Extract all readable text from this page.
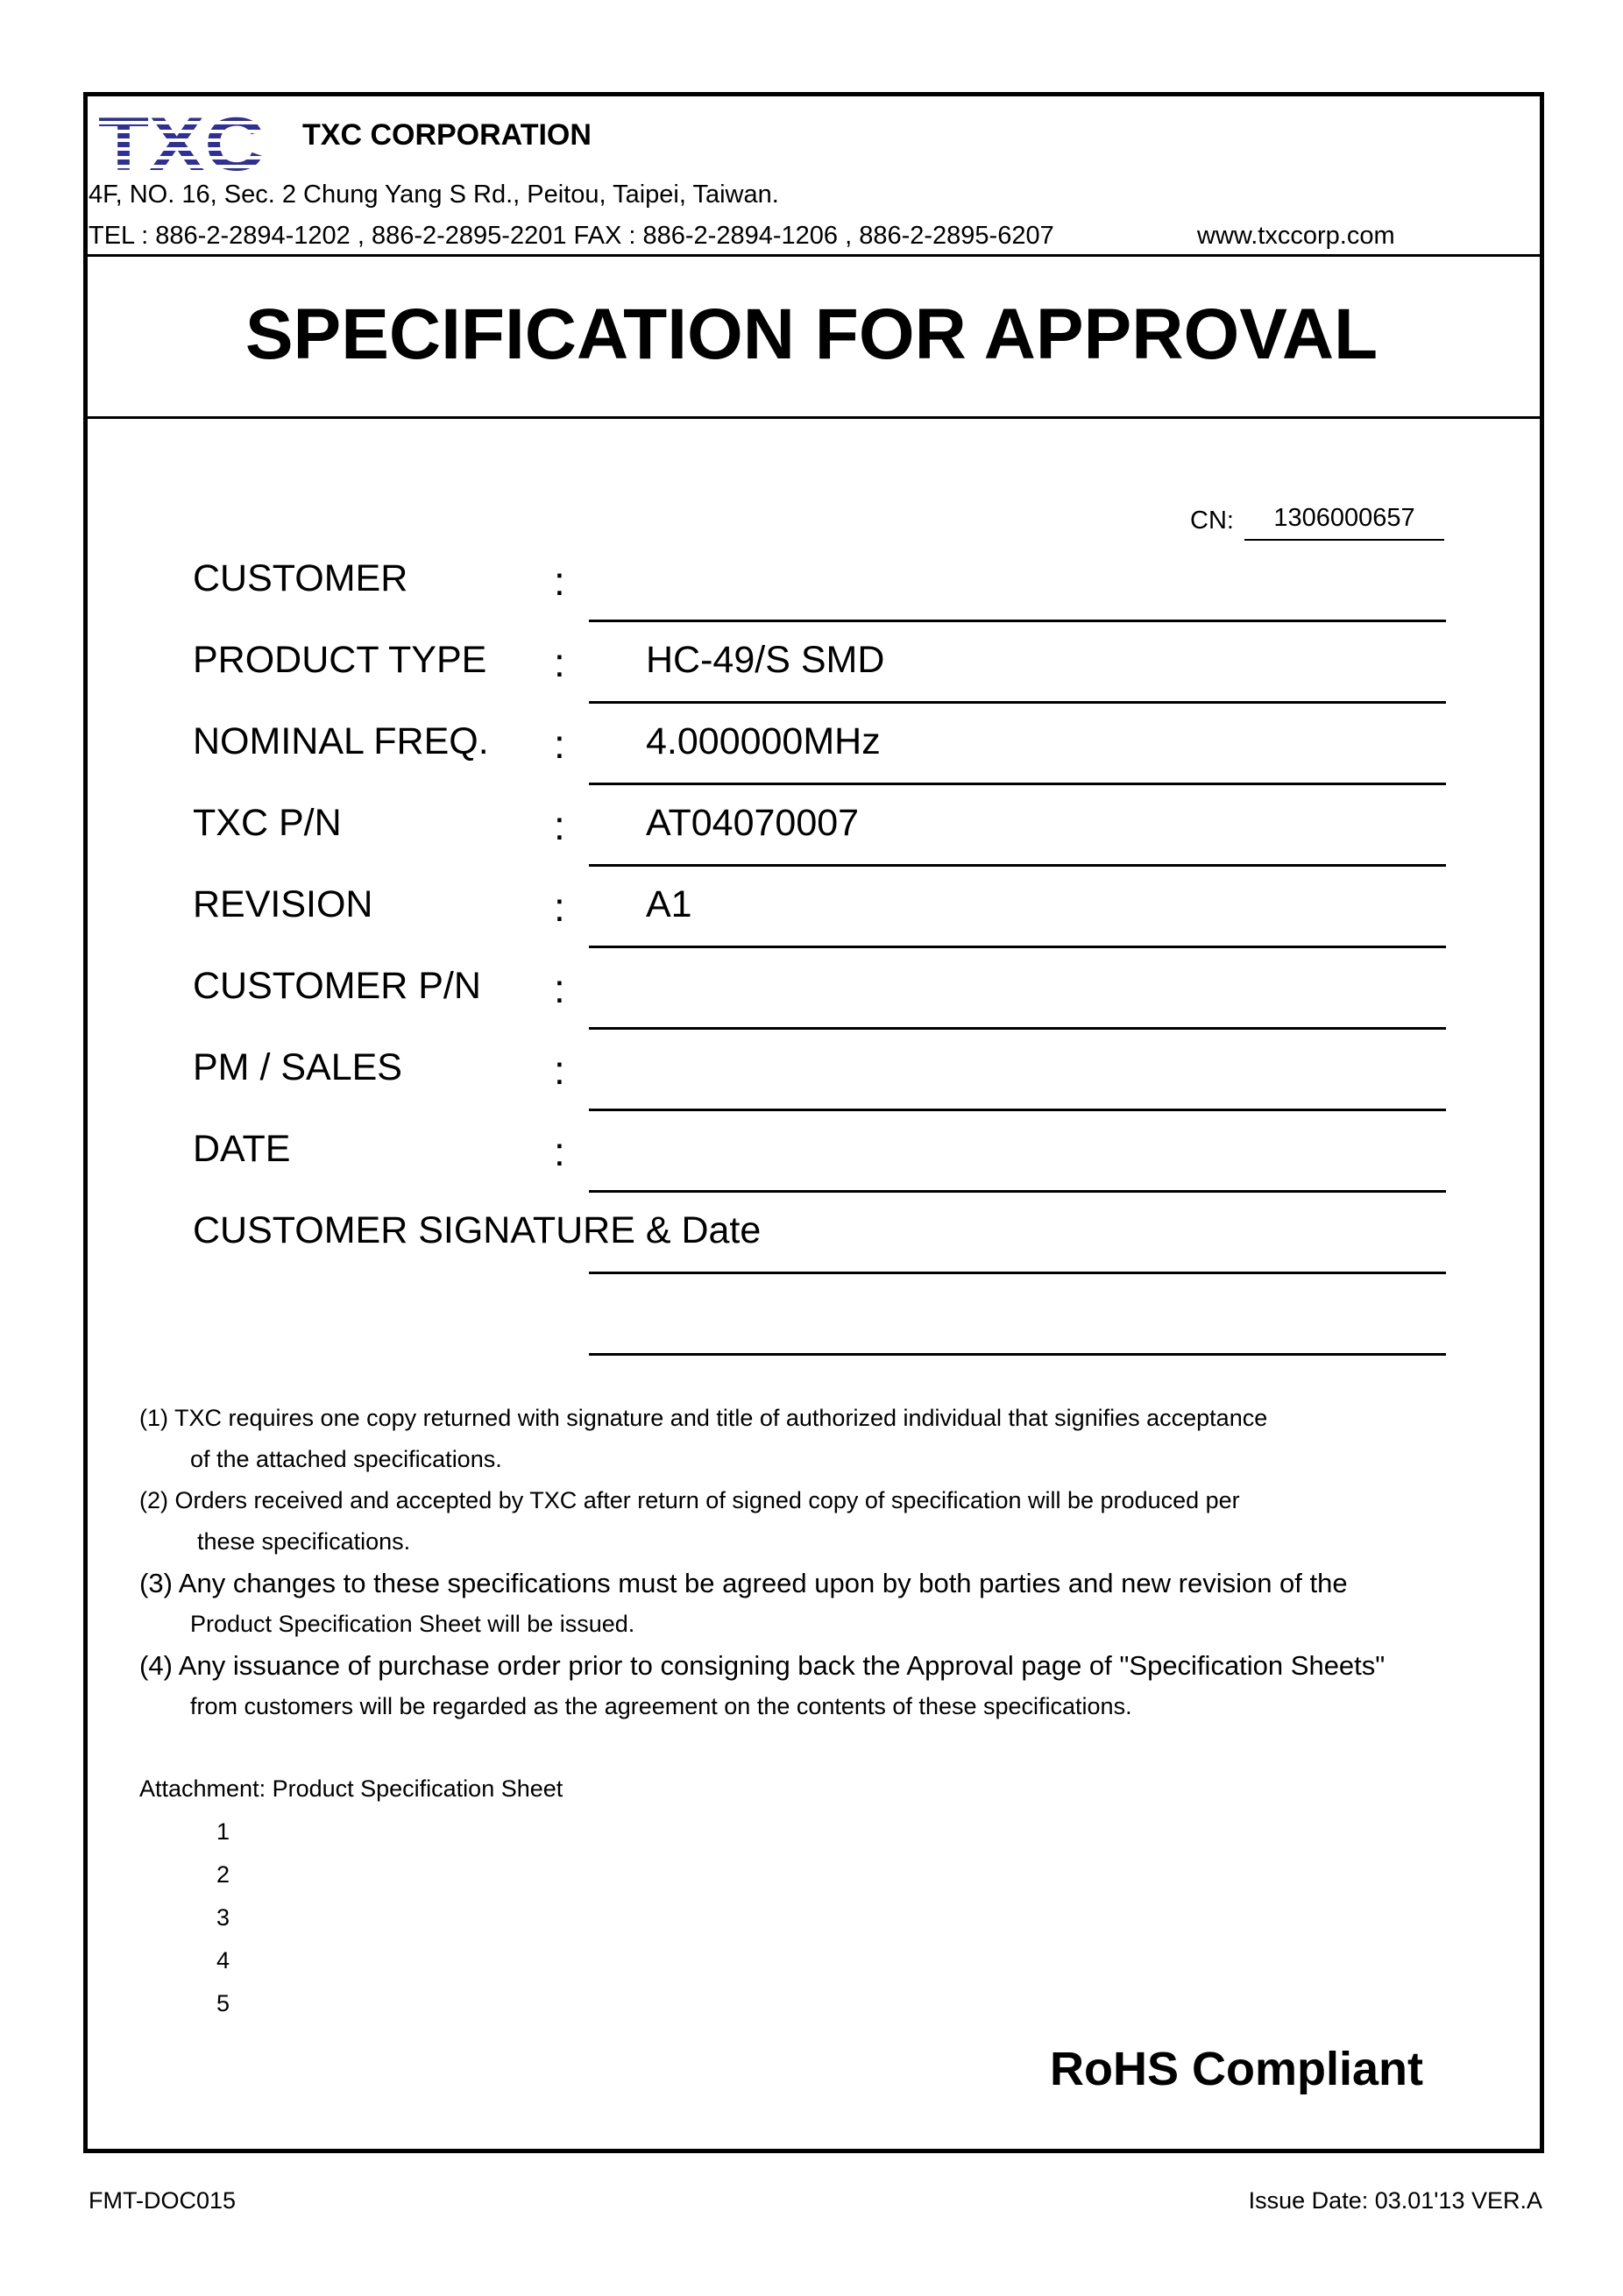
TXC TXC CORPORATION
4F, NO. 16, Sec. 2 Chung Yang S Rd., Peitou, Taipei, Taiwan.
TEL : 886-2-2894-1202 , 886-2-2895-2201 FAX : 886-2-2894-1206 , 886-2-2895-6207	www.txccorp.com
SPECIFICATION FOR APPROVAL
CN:	1306000657
CUSTOMER	:
PRODUCT TYPE : HC-49/S SMD
NOMINAL FREQ. : 4.000000MHz
TXC P/N	: AT04070007
REVISION	: A1
CUSTOMER P/N :
PM / SALES	:
DATE	:
CUSTOMER SIGNATURE & Date
(1) TXC requires one copy returned with signature and title of authorized individual that signifies acceptance
of the attached specifications.
(2) Orders received and accepted by TXC after return of signed copy of specification will be produced per
these specifications.
(3) Any changes to these specifications must be agreed upon by both parties and new revision of the
Product Specification Sheet will be issued.
(4) Any issuance of purchase order prior to consigning back the Approval page of "Specification Sheets"
from customers will be regarded as the agreement on the contents of these specifications.
Attachment: Product Specification Sheet
1
2
3
4
5
RoHS Compliant
FMT-DOC015	Issue Date: 03.01'13 VER.A
